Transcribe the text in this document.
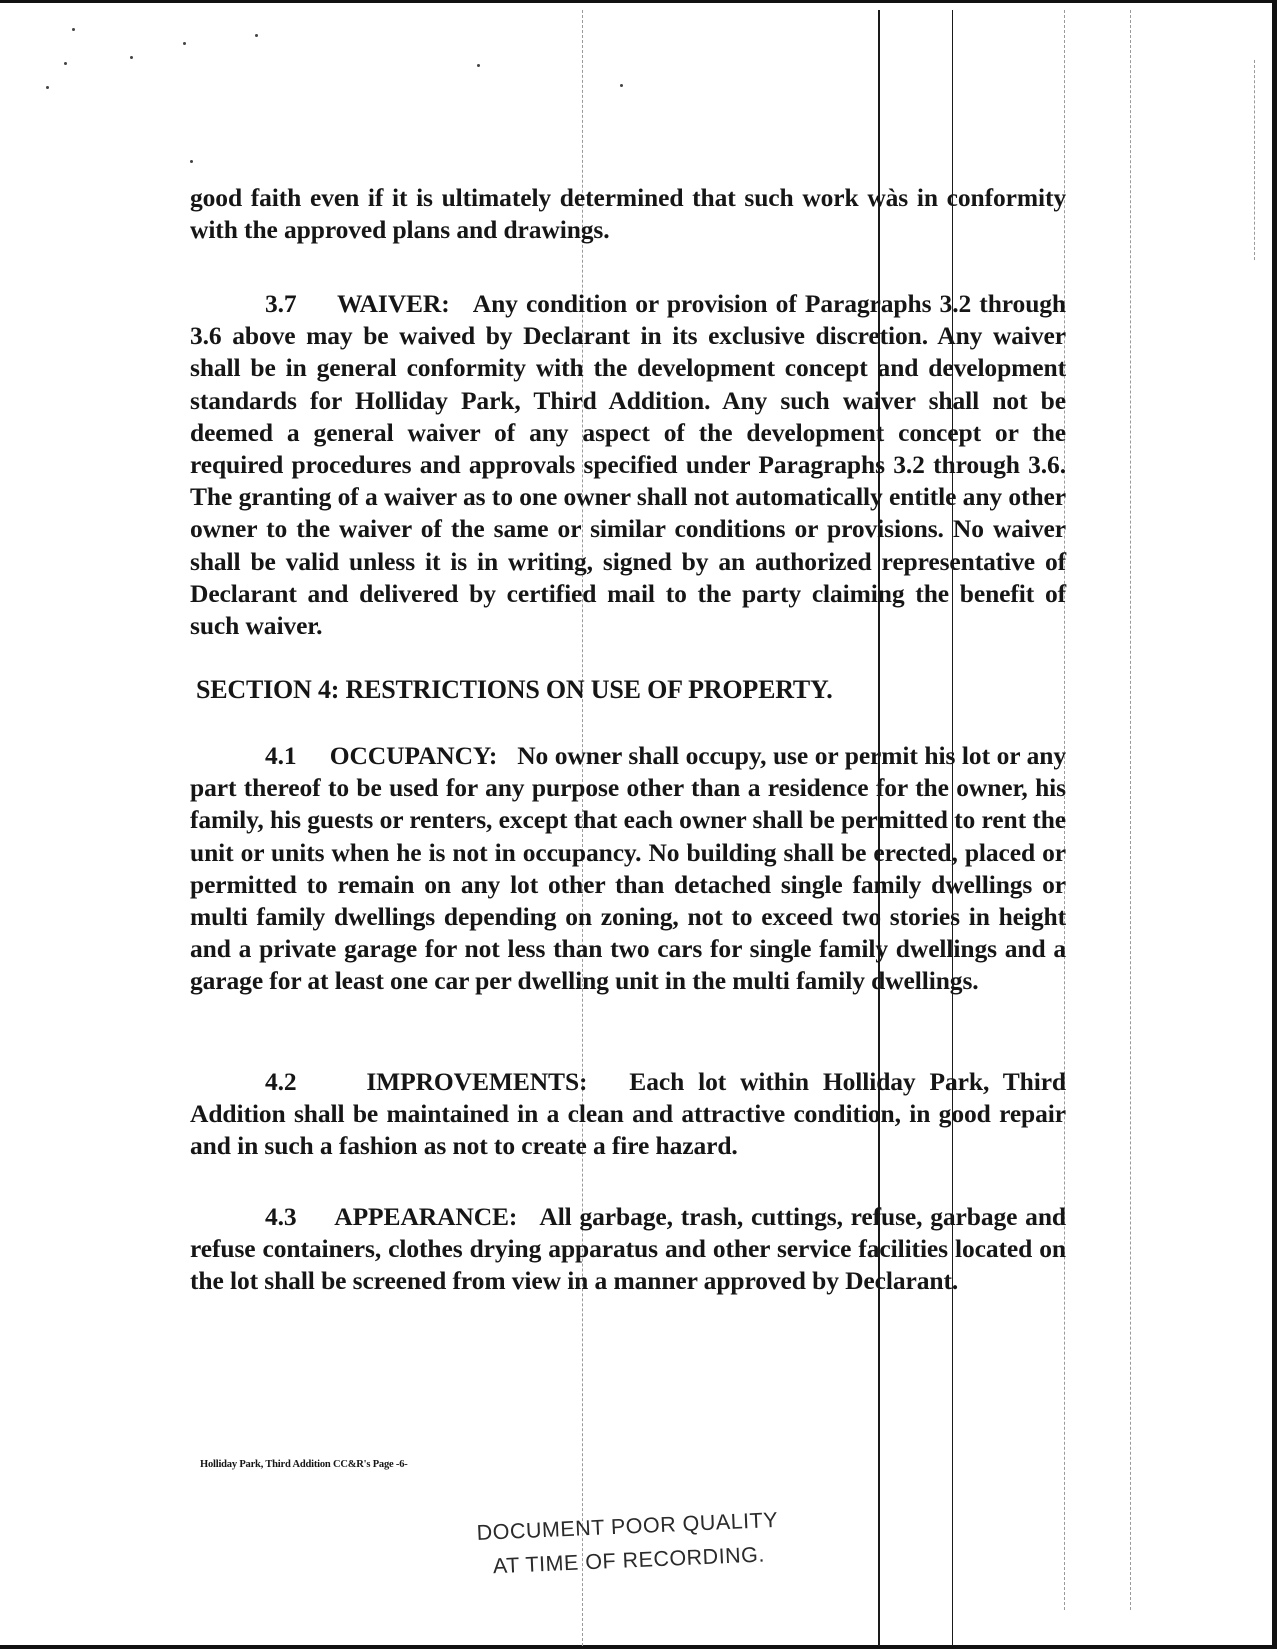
good faith even if it is ultimately determined that such work wàs in conformity with the approved plans and drawings.

3.7 WAIVER: Any condition or provision of Paragraphs 3.2 through 3.6 above may be waived by Declarant in its exclusive discretion. Any waiver shall be in general conformity with the development concept and development standards for Holliday Park, Third Addition. Any such waiver shall not be deemed a general waiver of any aspect of the development concept or the required procedures and approvals specified under Paragraphs 3.2 through 3.6. The granting of a waiver as to one owner shall not automatically entitle any other owner to the waiver of the same or similar conditions or provisions. No waiver shall be valid unless it is in writing, signed by an authorized representative of Declarant and delivered by certified mail to the party claiming the benefit of such waiver.

SECTION 4: RESTRICTIONS ON USE OF PROPERTY.

4.1 OCCUPANCY: No owner shall occupy, use or permit his lot or any part thereof to be used for any purpose other than a residence for the owner, his family, his guests or renters, except that each owner shall be permitted to rent the unit or units when he is not in occupancy. No building shall be erected, placed or permitted to remain on any lot other than detached single family dwellings or multi family dwellings depending on zoning, not to exceed two stories in height and a private garage for not less than two cars for single family dwellings and a garage for at least one car per dwelling unit in the multi family dwellings.

4.2	IMPROVEMENTS: Each lot within Holliday Park, Third Addition shall be maintained in a clean and attractive condition, in good repair and in such a fashion as not to create a fire hazard.

4.3 APPEARANCE: All garbage, trash, cuttings, refuse, garbage and refuse containers, clothes drying apparatus and other service facilities located on the lot shall be screened from view in a manner approved by Declarant.

Holliday Park, Third Addition CC&R's Page -6-
DOCUMENT POOR QUALITY
AT TIME OF RECORDING.
